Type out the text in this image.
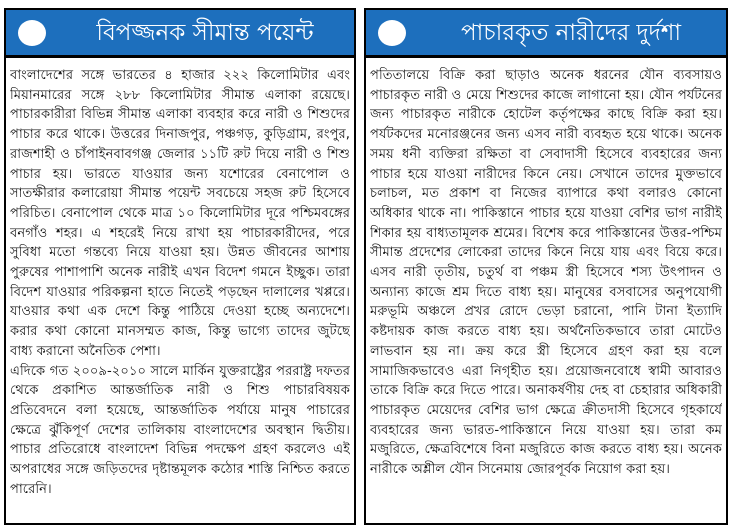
বিপজ্জনক সীমান্ত পয়েন্ট

বাংলাদেশের সঙ্গে ভারতের ৪ হাজার ২২২ কিলোমিটার এবং মিয়ানমারের সঙ্গে ২৮৮ কিলোমিটার সীমান্ত এলাকা রয়েছে। পাচারকারীরা বিভিন্ন সীমান্ত এলাকা ব্যবহার করে নারী ও শিশুদের পাচার করে থাকে। উত্তরের দিনাজপুর, পঞ্চগড়, কুড়িগ্রাম, রংপুর, রাজশাহী ও চাঁপাইনবাবগঞ্জ জেলার ১১টি রুট দিয়ে নারী ও শিশু পাচার হয়। ভারতে যাওয়ার জন্য যশোরের বেনাপোল ও সাতক্ষীরার কলারোয়া সীমান্ত পয়েন্ট সবচেয়ে সহজ রুট হিসেবে পরিচিত। বেনাপোল থেকে মাত্র ১০ কিলোমিটার দূরে পশ্চিমবঙ্গের বনগাঁও শহর। এ শহরেই নিয়ে রাখা হয় পাচারকারীদের, পরে সুবিধা মতো গন্তব্যে নিয়ে যাওয়া হয়। উন্নত জীবনের আশায় পুরুষের পাশাপাশি অনেক নারীই এখন বিদেশ গমনে ইচ্ছুক। তারা বিদেশ যাওয়ার পরিকল্পনা হাতে নিতেই পড়ছেন দালালের খপ্পরে। যাওয়ার কথা এক দেশে কিন্তু পাঠিয়ে দেওয়া হচ্ছে অন্যদেশে। করার কথা কোনো মানসম্মত কাজ, কিন্তু ভাগ্যে তাদের জুটছে বাধ্য করানো অনৈতিক পেশা।

এদিকে গত ২০০৯-২০১০ সালে মার্কিন যুক্তরাষ্ট্রের পররাষ্ট্র দফতর থেকে প্রকাশিত আন্তর্জাতিক নারী ও শিশু পাচারবিষয়ক প্রতিবেদনে বলা হয়েছে, আন্তর্জাতিক পর্যায়ে মানুষ পাচারের ক্ষেত্রে ঝুঁকিপূর্ণ দেশের তালিকায় বাংলাদেশের অবস্থান দ্বিতীয়। পাচার প্রতিরোধে বাংলাদেশ বিভিন্ন পদক্ষেপ গ্রহণ করলেও এই অপরাধের সঙ্গে জড়িতদের দৃষ্টান্তমূলক কঠোর শাস্তি নিশ্চিত করতে পারেনি।

পাচারকৃত নারীদের দুর্দশা

পতিতালয়ে বিক্রি করা ছাড়াও অনেক ধরনের যৌন ব্যবসায়ও পাচারকৃত নারী ও মেয়ে শিশুদের কাজে লাগানো হয়। যৌন পর্যটনের জন্য পাচারকৃত নারীকে হোটেল কর্তৃপক্ষের কাছে বিক্রি করা হয়। পর্যটকদের মনোরঞ্জনের জন্য এসব নারী ব্যবহৃত হয়ে থাকে। অনেক সময় ধনী ব্যক্তিরা রক্ষিতা বা সেবাদাসী হিসেবে ব্যবহারের জন্য পাচার হয়ে যাওয়া নারীদের কিনে নেয়। সেখানে তাদের মুক্তভাবে চলাচল, মত প্রকাশ বা নিজের ব্যাপারে কথা বলারও কোনো অধিকার থাকে না। পাকিস্তানে পাচার হয়ে যাওয়া বেশির ভাগ নারীই শিকার হয় বাধ্যতামূলক শ্রমের। বিশেষ করে পাকিস্তানের উত্তর-পশ্চিম সীমান্ত প্রদেশের লোকেরা তাদের কিনে নিয়ে যায় এবং বিয়ে করে। এসব নারী তৃতীয়, চতুর্থ বা পঞ্চম স্ত্রী হিসেবে শস্য উৎপাদন ও অন্যান্য কাজে শ্রম দিতে বাধ্য হয়। মানুষের বসবাসের অনুপযোগী মরুভূমি অঞ্চলে প্রখর রোদে ভেড়া চরানো, পানি টানা ইত্যাদি কষ্টদায়ক কাজ করতে বাধ্য হয়। অর্থনৈতিকভাবে তারা মোটেও লাভবান হয় না। ক্রয় করে স্ত্রী হিসেবে গ্রহণ করা হয় বলে সামাজিকভাবেও এরা নিগৃহীত হয়। প্রয়োজনবোধে স্বামী আবারও তাকে বিক্রি করে দিতে পারে। অনাকর্ষণীয় দেহ বা চেহারার অধিকারী পাচারকৃত মেয়েদের বেশির ভাগ ক্ষেত্রে ক্রীতদাসী হিসেবে গৃহকার্যে ব্যবহারের জন্য ভারত-পাকিস্তানে নিয়ে যাওয়া হয়। তারা কম মজুরিতে, ক্ষেত্রবিশেষে বিনা মজুরিতে কাজ করতে বাধ্য হয়। অনেক নারীকে অশ্লীল যৌন সিনেমায় জোরপূর্বক নিয়োগ করা হয়।
